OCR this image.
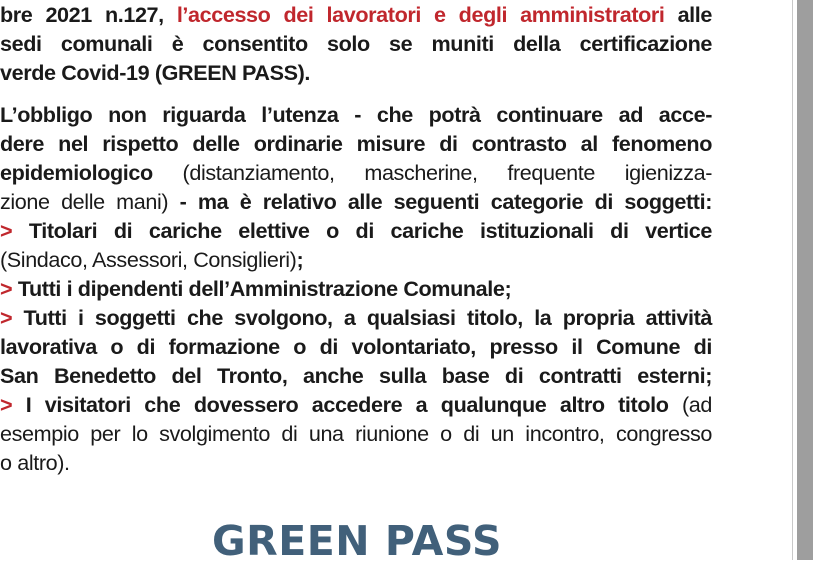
bre 2021 n.127, l’accesso dei lavoratori e degli amministratori alle
sedi comunali è consentito solo se muniti della certificazione
verde Covid-19 (GREEN PASS).
L’obbligo non riguarda l’utenza - che potrà continuare ad acce-
dere nel rispetto delle ordinarie misure di contrasto al fenomeno
epidemiologico (distanziamento, mascherine, frequente igienizza-
zione delle mani) - ma è relativo alle seguenti categorie di soggetti:
> Titolari di cariche elettive o di cariche istituzionali di vertice
(Sindaco, Assessori, Consiglieri);
> Tutti i dipendenti dell’Amministrazione Comunale;
> Tutti i soggetti che svolgono, a qualsiasi titolo, la propria attività
lavorativa o di formazione o di volontariato, presso il Comune di
San Benedetto del Tronto, anche sulla base di contratti esterni;
> I visitatori che dovessero accedere a qualunque altro titolo (ad
esempio per lo svolgimento di una riunione o di un incontro, congresso
o altro).
GREEN PASS
